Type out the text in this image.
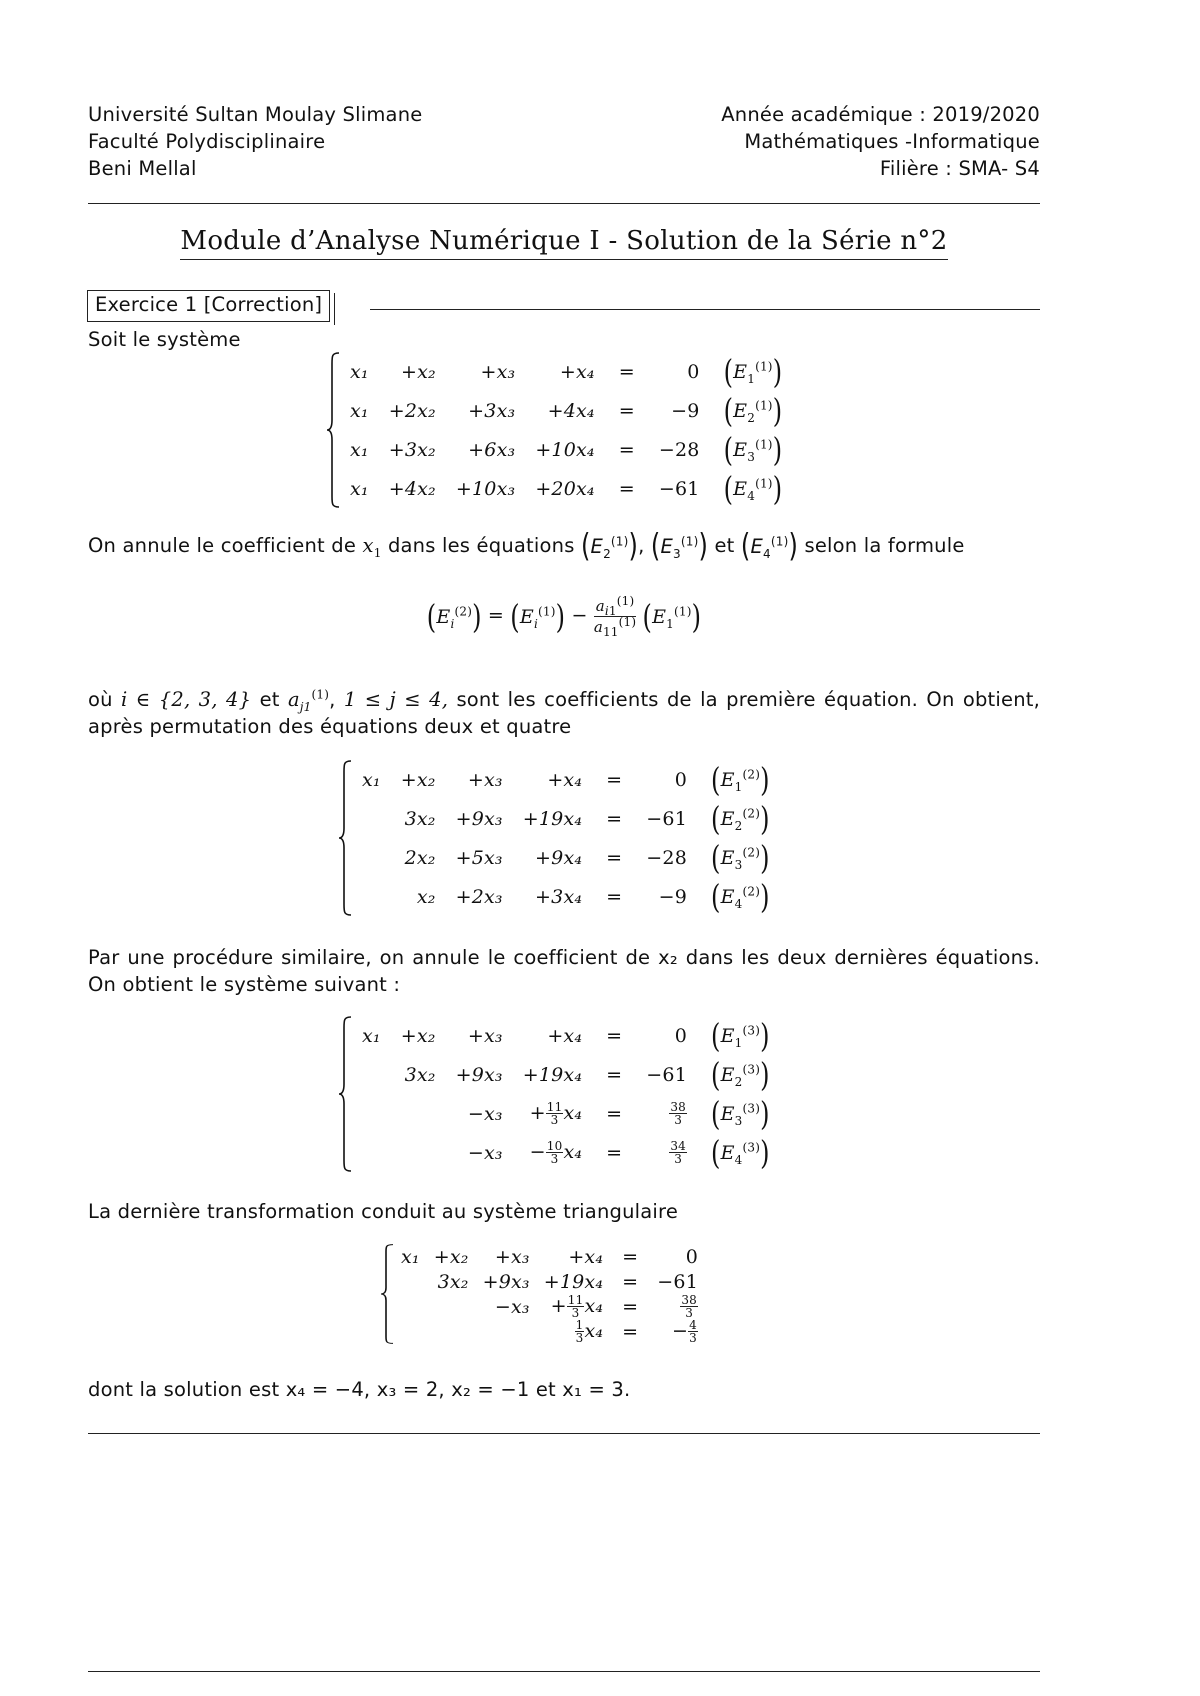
Université Sultan Moulay Slimane
Faculté Polydisciplinaire
Beni Mellal
Année académique : 2019/2020
Mathématiques -Informatique
Filière : SMA- S4
Module d’Analyse Numérique I - Solution de la Série n°2
Exercice 1 [Correction]
Soit le système
x₁	+x₂	+x₃	+x₄	=	0	$(E_1^{(1)})$
x₁	+2x₂	+3x₃	+4x₄	=	−9	$(E_2^{(1)})$
x₁	+3x₂	+6x₃	+10x₄	=	−28	$(E_3^{(1)})$
x₁	+4x₂	+10x₃	+20x₄	=	−61	$(E_4^{(1)})$
On annule le coefficient de $x_1$ dans les équations $(E_2^{(1)})$, $(E_3^{(1)})$ et $(E_4^{(1)})$ selon la formule
$(E_i^{(2)}) = (E_i^{(1)}) - \frac{a_{i1}^{(1)}}{a_{11}^{(1)}} (E_1^{(1)})$
où i ∈ {2, 3, 4} et $a_{j1}^{(1)}$, 1 ≤ j ≤ 4, sont les coefficients de la première équation. On obtient, après permutation des équations deux et quatre
x₁	+x₂	+x₃	+x₄	=	0	$(E_1^{(2)})$
	3x₂	+9x₃	+19x₄	=	−61	$(E_2^{(2)})$
	2x₂	+5x₃	+9x₄	=	−28	$(E_3^{(2)})$
	x₂	+2x₃	+3x₄	=	−9	$(E_4^{(2)})$
Par une procédure similaire, on annule le coefficient de x₂ dans les deux dernières équations. On obtient le système suivant :
x₁	+x₂	+x₃	+x₄	=	0	$(E_1^{(3)})$
	3x₂	+9x₃	+19x₄	=	−61	$(E_2^{(3)})$
		−x₃	+ $\frac{11}{3} x_4$	=	$\frac{38}{3}$	$(E_3^{(3)})$
		−x₃	− $\frac{10}{3} x_4$	=	$\frac{34}{3}$	$(E_4^{(3)})$
La dernière transformation conduit au système triangulaire
x₁	+x₂	+x₃	+x₄	=	0
	3x₂	+9x₃	+19x₄	=	−61
		−x₃	+ $\frac{11}{3} x_4$	=	$\frac{38}{3}$

			$\frac{1}{3} x_4$	=	− $\frac{4}{3}$
dont la solution est x₄ = −4, x₃ = 2, x₂ = −1 et x₁ = 3.
